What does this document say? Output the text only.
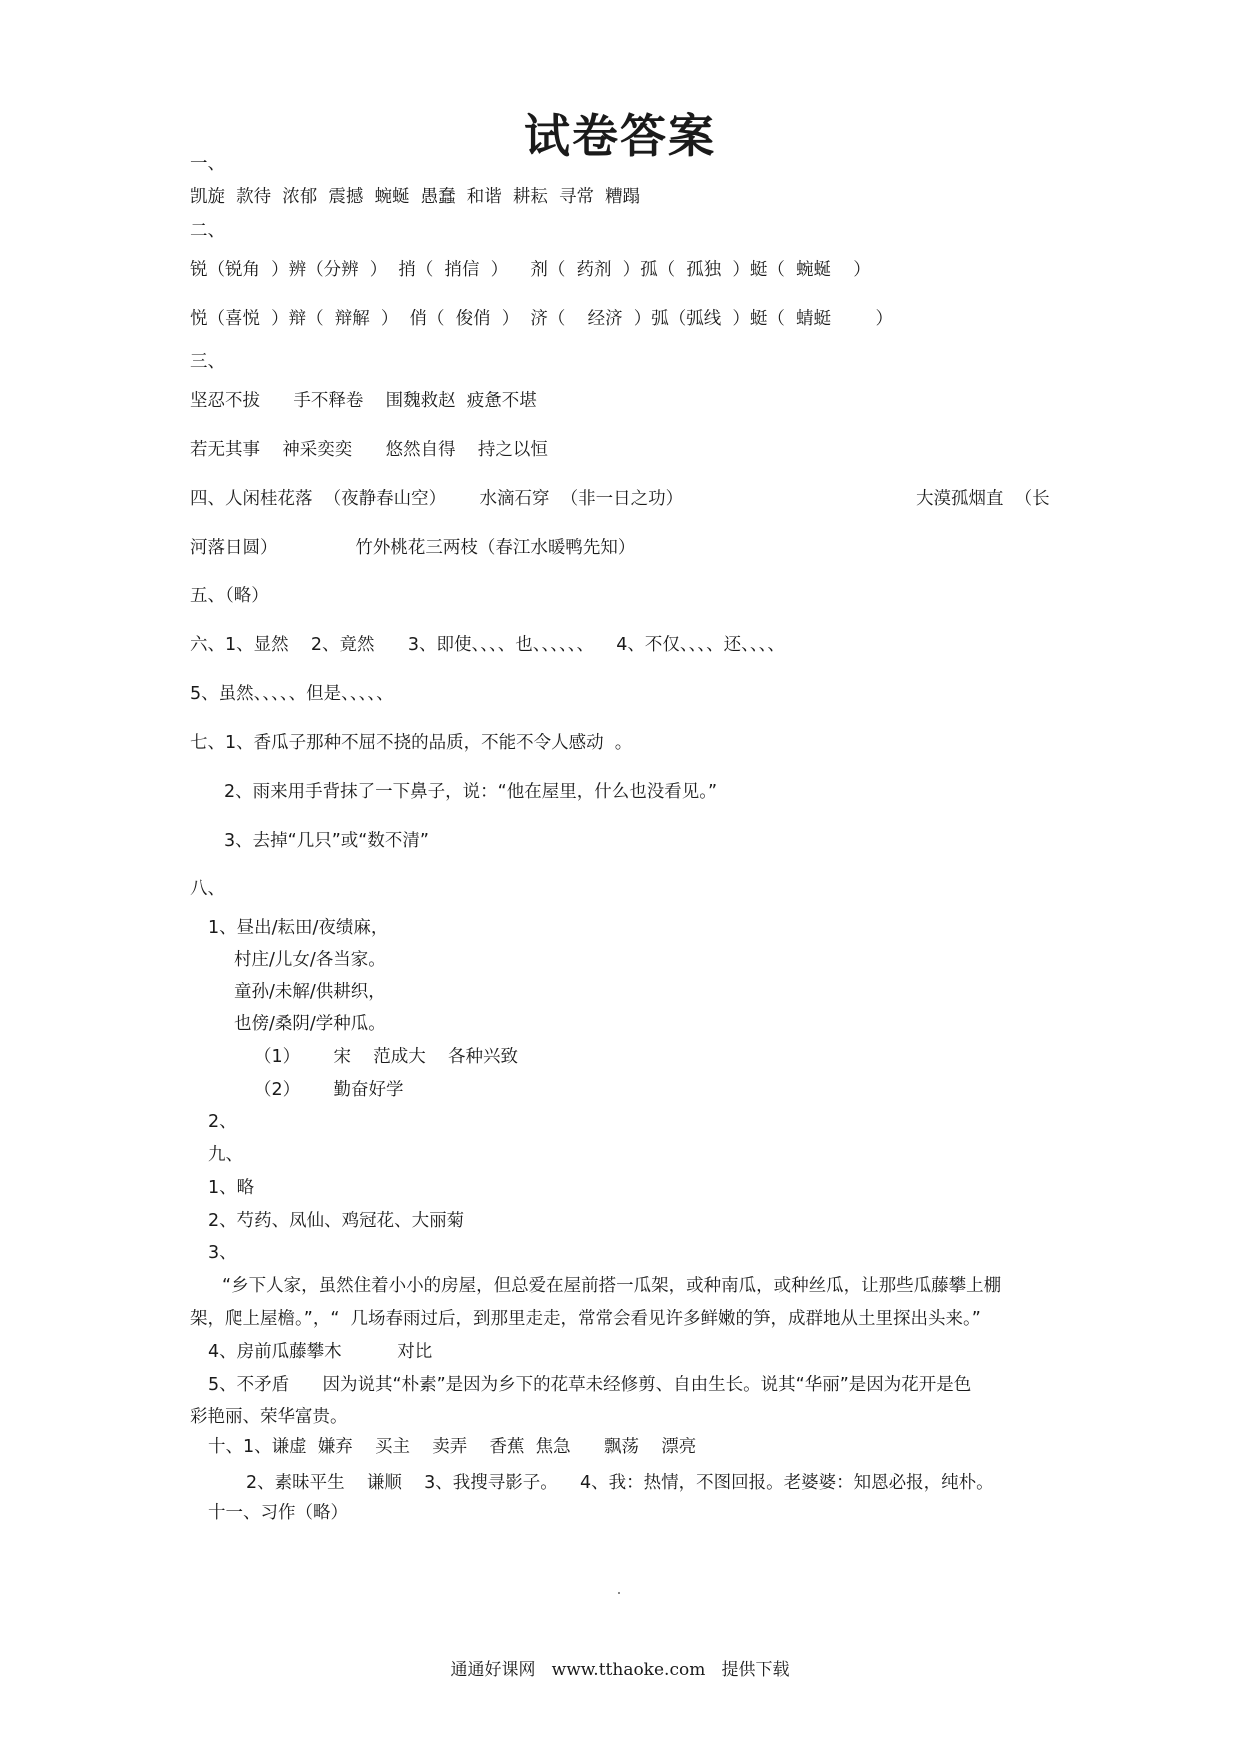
试卷答案
一、
凯旋  款待  浓郁  震撼  蜿蜒  愚蠢  和谐  耕耘  寻常  糟蹋
二、
锐（锐角  ）辨（分辨  ）  捎（  捎信  ）    剂（  药剂  ）孤（  孤独  ）蜓（  蜿蜒    ）
悦（喜悦  ）辩（  辩解  ）  俏（  俊俏  ）  济（    经济  ）弧（弧线  ）蜓（  蜻蜓        ）
三、
坚忍不拔      手不释卷    围魏救赵  疲惫不堪
若无其事    神采奕奕      悠然自得    持之以恒
四、人闲桂花落  （夜静春山空）      水滴石穿  （非一日之功）	大漠孤烟直  （长
河落日圆）              竹外桃花三两枝（春江水暖鸭先知）
五、（略）
六、1、显然    2、竟然      3、即使、、、、也、、、、、、    4、不仅、、、、还、、、、
5、虽然、、、、、但是、、、、、
七、1、香瓜子那种不屈不挠的品质，不能不令人感动  。
2、雨来用手背抹了一下鼻子，说：“他在屋里，什么也没看见。”
3、去掉“几只”或“数不清”
八、
1、昼出/耘田/夜绩麻，
村庄/儿女/各当家。
童孙/未解/供耕织，
也傍/桑阴/学种瓜。
（1）      宋    范成大    各种兴致
（2）      勤奋好学
2、
九、
1、略
2、芍药、凤仙、鸡冠花、大丽菊
3、
“乡下人家，虽然住着小小的房屋，但总爱在屋前搭一瓜架，或种南瓜，或种丝瓜，让那些瓜藤攀上棚
架，爬上屋檐。”，“  几场春雨过后，到那里走走，常常会看见许多鲜嫩的笋，成群地从土里探出头来。”
4、房前瓜藤攀木          对比
5、不矛盾      因为说其“朴素”是因为乡下的花草未经修剪、自由生长。说其“华丽”是因为花开是色
彩艳丽、荣华富贵。
十、1、谦虚  嫌弃    买主    卖弄    香蕉  焦急      飘荡    漂亮
2、素昧平生    谦顺    3、我搜寻影子。    4、我：热情，不图回报。老婆婆：知恩必报，纯朴。
十一、习作（略）
通通好课网   www.tthaoke.com   提供下载
